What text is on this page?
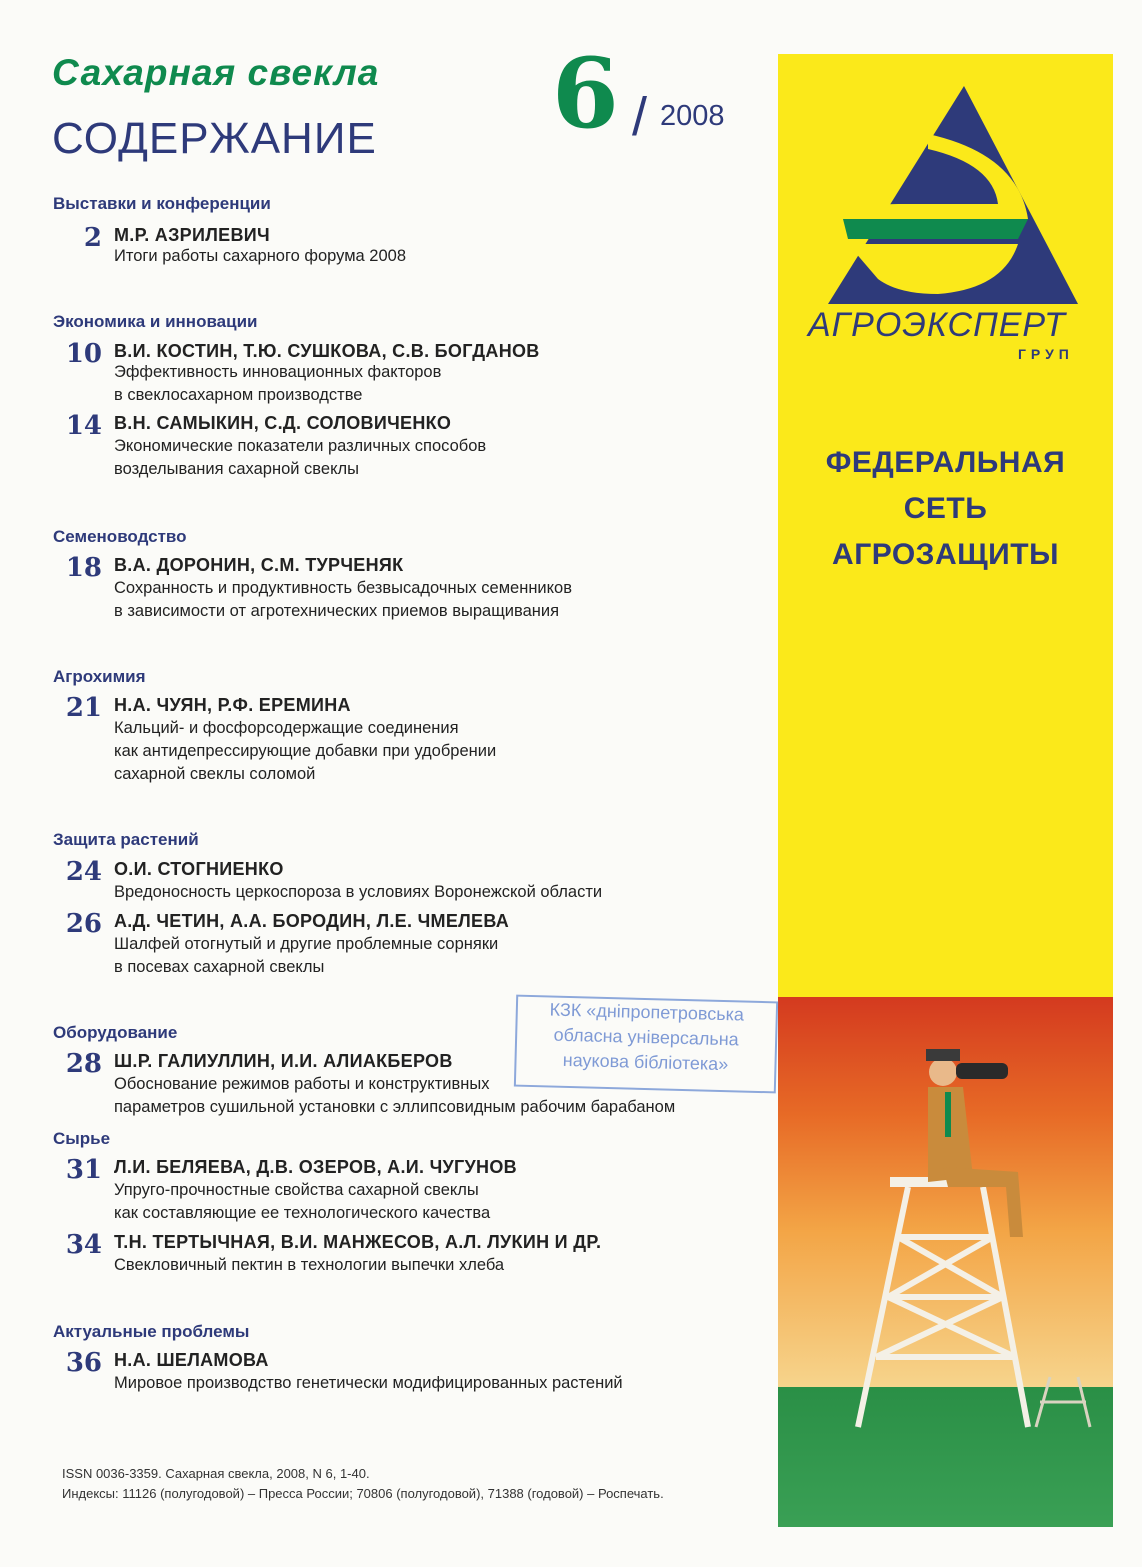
Сахарная свекла
СОДЕРЖАНИЕ 6 / 2008
Выставки и конференции
2 М.Р. АЗРИЛЕВИЧ
Итоги работы сахарного форума 2008
Экономика и инновации
10 В.И. КОСТИН, Т.Ю. СУШКОВА, С.В. БОГДАНОВ
Эффективность инновационных факторов
в свеклосахарном производстве
14 В.Н. САМЫКИН, С.Д. СОЛОВИЧЕНКО
Экономические показатели различных способов
возделывания сахарной свеклы
Семеноводство
18 В.А. ДОРОНИН, С.М. ТУРЧЕНЯК
Сохранность и продуктивность безвысадочных семенников
в зависимости от агротехнических приемов выращивания
Агрохимия
21 Н.А. ЧУЯН, Р.Ф. ЕРЕМИНА
Кальций- и фосфорсодержащие соединения
как антидепрессирующие добавки при удобрении
сахарной свеклы соломой
Защита растений
24 О.И. СТОГНИЕНКО
Вредоносность церкоспороза в условиях Воронежской области
26 А.Д. ЧЕТИН, А.А. БОРОДИН, Л.Е. ЧМЕЛЕВА
Шалфей отогнутый и другие проблемные сорняки
в посевах сахарной свеклы
Оборудование
28 Ш.Р. ГАЛИУЛЛИН, И.И. АЛИАКБЕРОВ
Обоснование режимов работы и конструктивных
параметров сушильной установки с эллипсовидным рабочим барабаном
Сырье
31 Л.И. БЕЛЯЕВА, Д.В. ОЗЕРОВ, А.И. ЧУГУНОВ
Упруго-прочностные свойства сахарной свеклы
как составляющие ее технологического качества
34 Т.Н. ТЕРТЫЧНАЯ, В.И. МАНЖЕСОВ, А.Л. ЛУКИН И ДР.
Свекловичный пектин в технологии выпечки хлеба
Актуальные проблемы
36 Н.А. ШЕЛАМОВА
Мировое производство генетически модифицированных растений
АГРОЭКСПЕРТ
ГРУП
ФЕДЕРАЛЬНАЯ
СЕТЬ
АГРОЗАЩИТЫ
КЗК «дніпропетровська
обласна універсальна
наукова бібліотека»
ISSN 0036-3359. Сахарная свекла, 2008, N 6, 1-40.
Индексы: 11126 (полугодовой) – Пресса России; 70806 (полугодовой), 71388 (годовой) – Роспечать.
